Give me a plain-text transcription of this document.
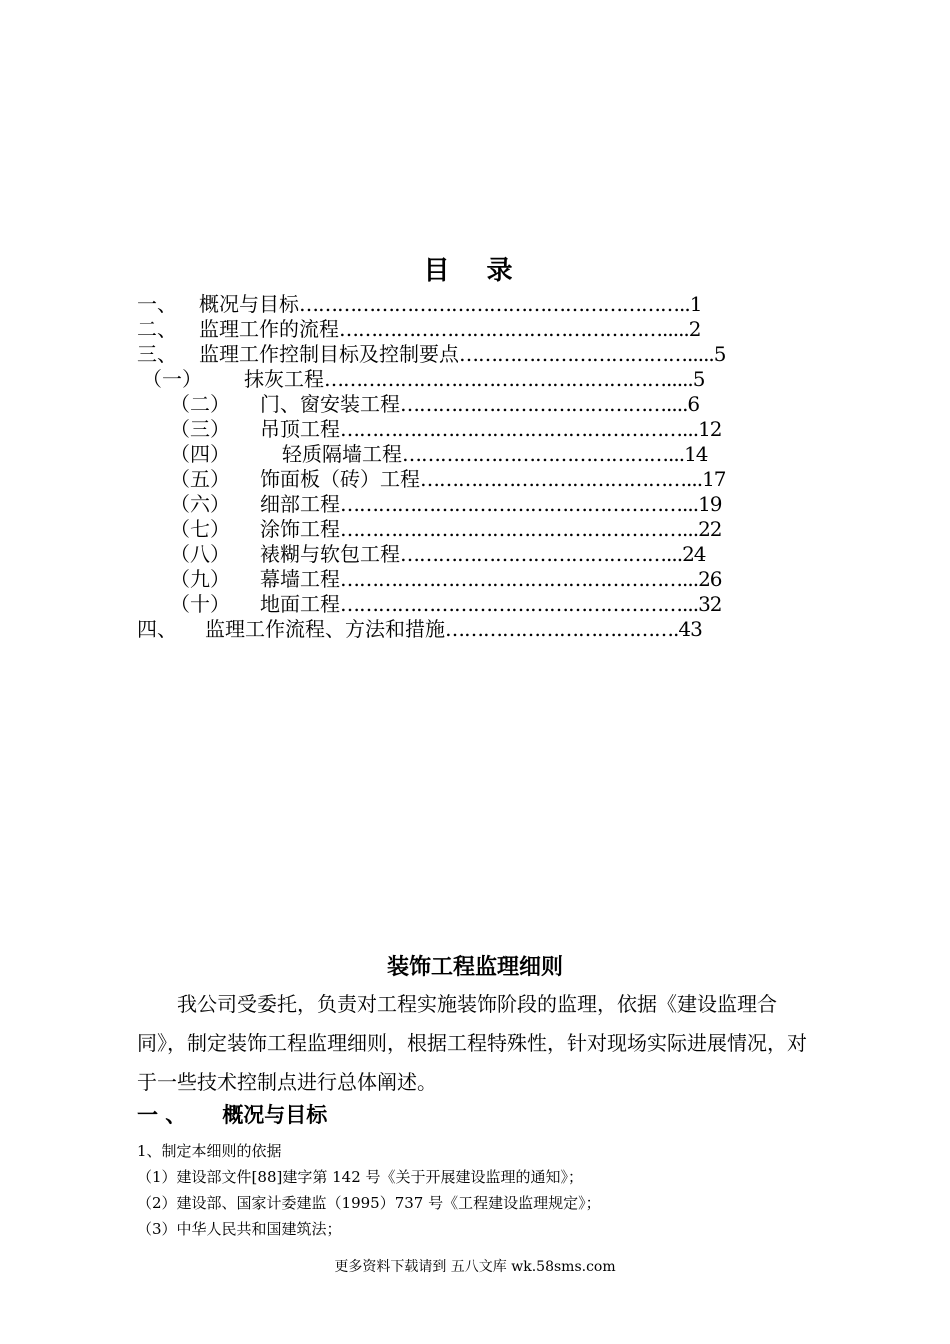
目 录
一、 概况与目标……………………………………………………..1
二、 监理工作的流程…………………………………………….....2
三、 监理工作控制目标及控制要点……………………………….....5
（一） 抹灰工程……………………………………………….....5
（二） 门、窗安装工程……………………………………....6
（三） 吊顶工程………………………………………………...12
（四）	轻质隔墙工程……………………………………...14
（五） 饰面板（砖）工程……………………………………...17
（六） 细部工程………………………………………………...19
（七） 涂饰工程………………………………………………...22
（八） 裱糊与软包工程……………………………………...24
（九） 幕墙工程………………………………………………...26
（十） 地面工程………………………………………………...32
四、 监理工作流程、方法和措施……………………………….43
装饰工程监理细则

我公司受委托，负责对工程实施装饰阶段的监理，依据《建设监理合同》，制定装饰工程监理细则，根据工程特殊性，针对现场实际进展情况，对于一些技术控制点进行总体阐述。

一 、 概况与目标
1、制定本细则的依据
（1）建设部文件[88]建字第 142 号《关于开展建设监理的通知》；
（2）建设部、国家计委建监（1995）737 号《工程建设监理规定》；
（3）中华人民共和国建筑法；
更多资料下载请到 五八文库 wk.58sms.com
